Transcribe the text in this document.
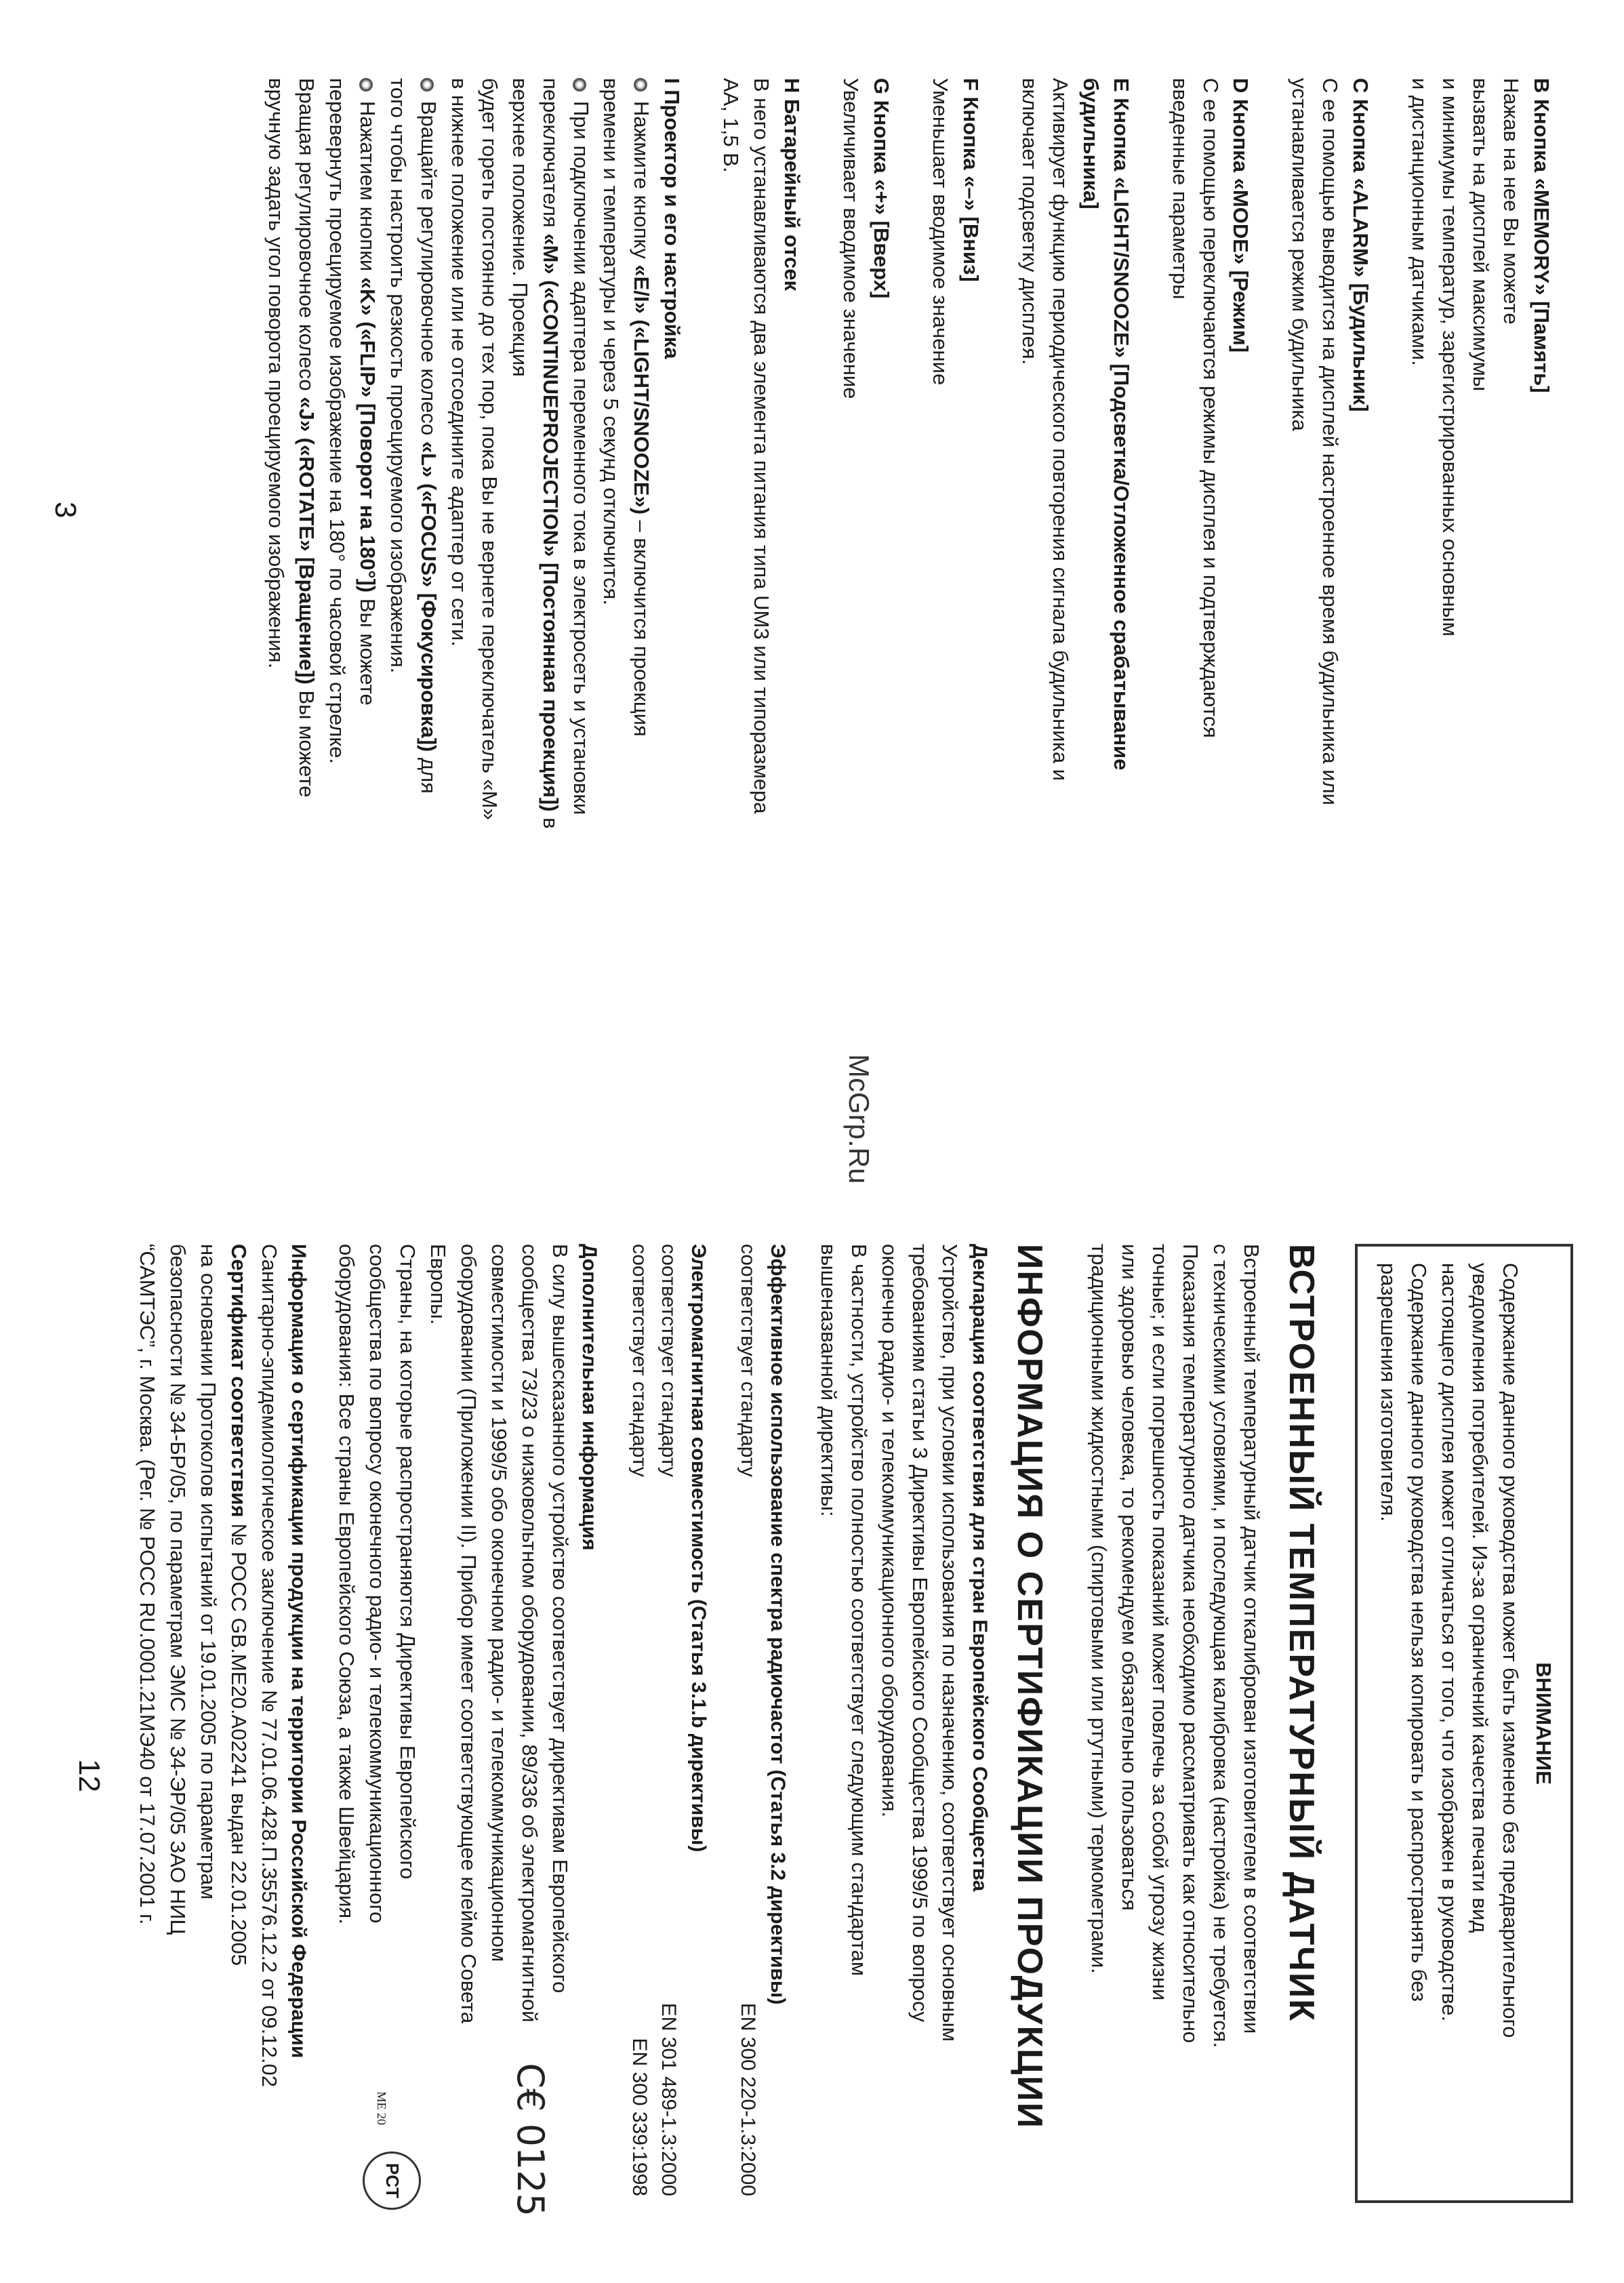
B Кнопка «MEMORY» [Память]

Нажав на нее Вы можете

вызвать на дисплей максимумы

и минимумы температур, зарегистрированных основным

и дистанционным датчиками.

C Кнопка «ALARM» [Будильник]

С ее помощью выводится на дисплей настроенное время будильника или

устанавливается режим будильника

D Кнопка «MODE» [Режим]

С ее помощью переключаются режимы дисплея и подтверждаются

введенные параметры

E Кнопка «LIGHT/SNOOZE» [Подсветка/Отложенное срабатывание
будильника]

Активирует функцию периодического повторения сигнала будильника и

включает подсветку дисплея.

F Кнопка «–» [Вниз]

Уменьшает вводимое значение

G Кнопка «+» [Вверх]

Увеличивает вводимое значение

H Батарейный отсек

В него устанавливаются два элемента питания типа UM3 или типоразмера

AA, 1,5 В.

I Проектор и его настройка

Нажмите кнопку «E/I» («LIGHT/SNOOZE») – включится проекция

времени и температуры и через 5 секунд отключится.

При подключении адаптера переменного тока в электросеть и установки

переключателя «M» («CONTINUEPROJECTION» [Постоянная проекция]) в

верхнее положение. Проекция

будет гореть постоянно до тех пор, пока Вы не вернете переключатель «M»

в нижнее положение или не отсоедините адаптер от сети.

Вращайте регулировочное колесо «L» («FOCUS» [Фокусировка]) для

того чтобы настроить резкость проецируемого изображения.

Нажатием кнопки «K» («FLIP» [Поворот на 180°]) Вы можете

перевернуть проецируемое изображение на 180° по часовой стрелке.

Вращая регулировочное колесо «J» («ROTATE» [Вращение]) Вы можете

вручную задать угол поворота проецируемого изображения.

3
McGrp.Ru
ВНИМАНИЕ

Содержание данного руководства может быть изменено без предварительного

уведомления потребителей. Из-за ограничений качества печати вид

настоящего дисплея может отличаться от того, что изображен в руководстве.

Содержание данного руководства нельзя копировать и распространять без

разрешения изготовителя.

ВСТРОЕННЫЙ ТЕМПЕРАТУРНЫЙ ДАТЧИК

Встроенный температурный датчик откалиброван изготовителем в соответствии

с техническими условиями, и последующая калибровка (настройка) не требуется.

Показания температурного датчика необходимо рассматривать как относительно

точные; и если погрешность показаний может повлечь за собой угрозу жизни

или здоровью человека, то рекомендуем обязательно пользоваться

традиционными жидкостными (спиртовыми или ртутными) термометрами.

ИНФОРМАЦИЯ О СЕРТИФИКАЦИИ ПРОДУКЦИИ

Декларация соответствия для стран Европейского Сообщества

Устройство, при условии использования по назначению, соответствует основным

требованиям статьи 3 Директивы Европейского Сообщества 1999/5 по вопросу

оконечно радио- и телекоммуникационного оборудования.

В частности, устройство полностью соответствует следующим стандартам

вышеназванной директивы:

Эффективное использование спектра радиочастот (Статья 3.2 директивы)

соответствует стандарту
EN 300 220-1.3:2000

Электромагнитная совместимость (Статья 3.1.b директивы)

соответствует стандарту
EN 301 489-1.3:2000
соответствует стандарту
EN 300 339:1998

Дополнительная информация

В силу вышесказанного устройство соответствует директивам Европейского

сообщества 73/23 о низковольтном оборудовании, 89/336 об электромагнитной

совместимости и 1999/5 обо оконечном радио- и телекоммуникационном

оборудовании (Приложении II). Прибор имеет соответствующее клеймо Совета

Европы.

Страны, на которые распространяются Директивы Европейского

сообщества по вопросу оконечного радио- и телекоммуникационного

оборудования: Все страны Европейского Союза, а также Швейцария.

C€ 0125

Информация о сертификации продукции на территории Российской Федерации

Санитарно-эпидемиологическое заключение № 77.01.06.428.П.35576.12.2 от 09.12.02

Сертификат соответствия № РОСС GB.ME20.A02241 выдан 22.01.2005

на основании Протоколов испытаний от 19.01.2005 по параметрам

безопасности № 34-БР/05, по параметрам ЭМС № 34-ЭР/05 ЗАО НИЦ

“САМТЭС”, г. Москва. (Рег. № РОСС RU.0001.21МЭ40 от 17.07.2001 г.

PCT
ME 20
12
